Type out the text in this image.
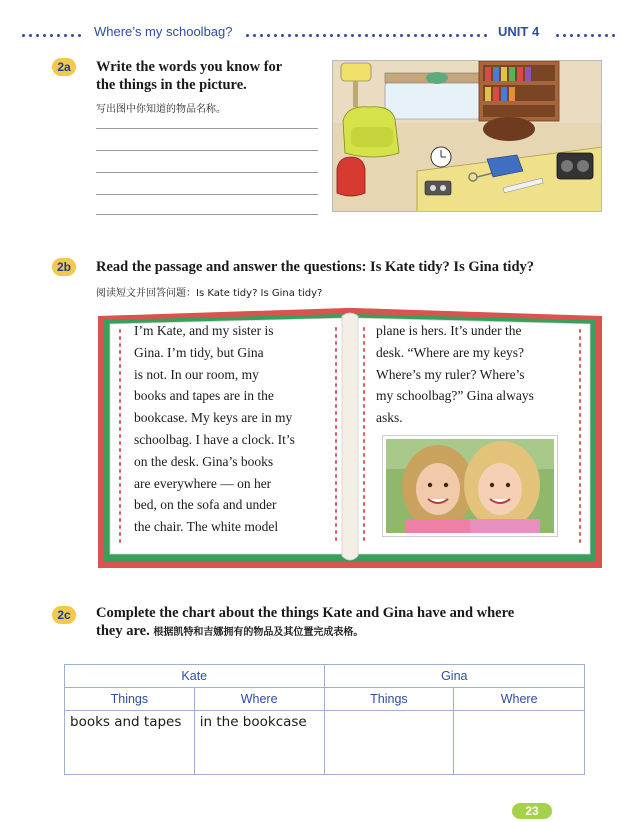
Where’s my schoolbag?	UNIT 4
2a	Write the words you know for
the things in the picture.
写出图中你知道的物品名称。
2b	Read the passage and answer the questions: Is Kate tidy? Is Gina tidy?
阅读短文并回答问题：Is Kate tidy? Is Gina tidy?

I’m Kate, and my sister is

Gina. I’m tidy, but Gina

is not. In our room, my

books and tapes are in the

bookcase. My keys are in my

schoolbag. I have a clock. It’s

on the desk. Gina’s books

are everywhere — on her

bed, on the sofa and under

the chair. The white model

plane is hers. It’s under the

desk. “Where are my keys?

Where’s my ruler? Where’s

my schoolbag?” Gina always

asks.

2c	Complete the chart about the things Kate and Gina have and where
they are. 根据凯特和吉娜拥有的物品及其位置完成表格。
Kate		Gina	
Things	Where	Things	Where
books and tapes	in the bookcase		
23
